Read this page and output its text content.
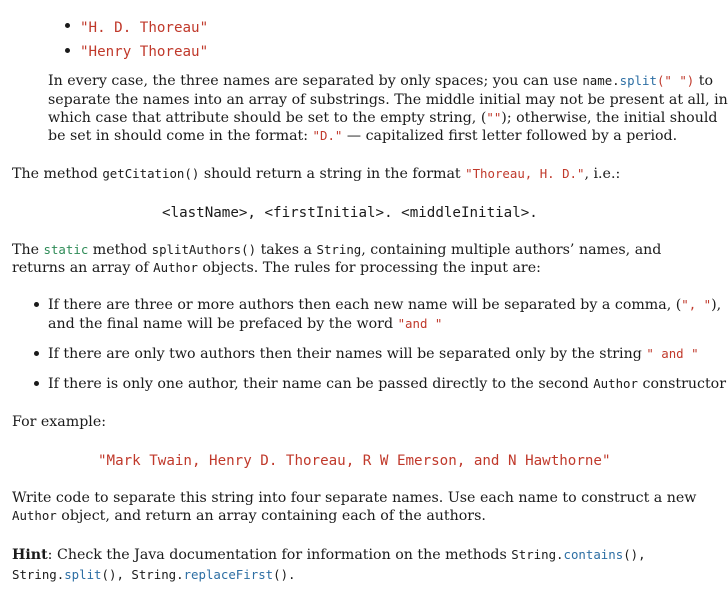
"H. D. Thoreau"
"Henry Thoreau"
In every case, the three names are separated by only spaces; you can use name.split(" ") to
separate the names into an array of substrings. The middle initial may not be present at all, in
which case that attribute should be set to the empty string, (""); otherwise, the initial should
be set in should come in the format: "D." — capitalized first letter followed by a period.
The method getCitation() should return a string in the format "Thoreau, H. D.", i.e.:
<lastName>, <firstInitial>. <middleInitial>.
The static method splitAuthors() takes a String, containing multiple authors’ names, and
returns an array of Author objects. The rules for processing the input are:
If there are three or more authors then each new name will be separated by a comma, (", "),
and the final name will be prefaced by the word "and "
If there are only two authors then their names will be separated only by the string " and "
If there is only one author, their name can be passed directly to the second Author constructor
For example:
"Mark Twain, Henry D. Thoreau, R W Emerson, and N Hawthorne"
Write code to separate this string into four separate names. Use each name to construct a new
Author object, and return an array containing each of the authors.
Hint: Check the Java documentation for information on the methods String.contains(),
String.split(), String.replaceFirst().
